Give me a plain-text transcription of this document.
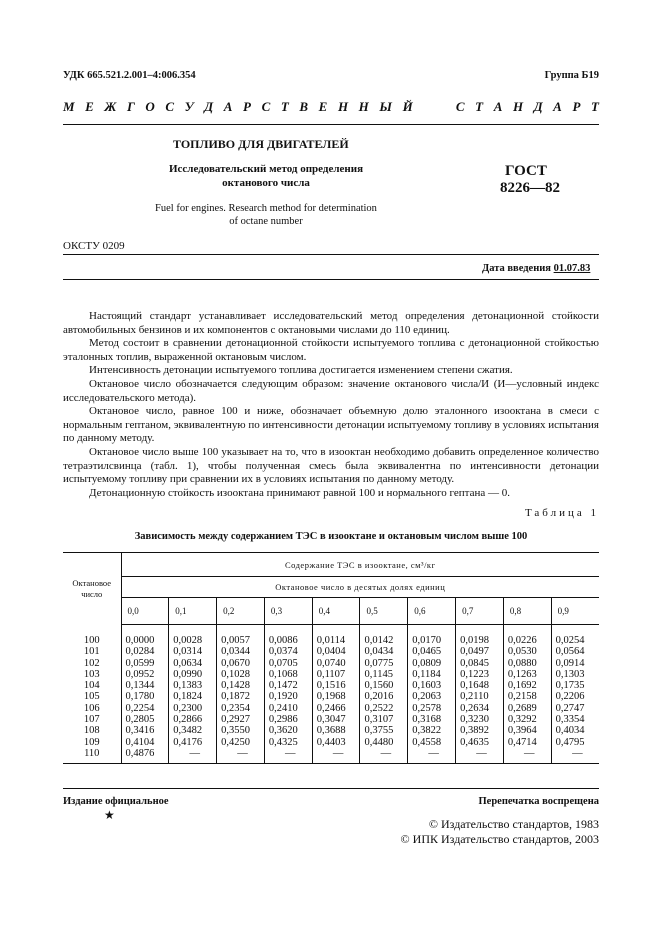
УДК 665.521.2.001–4:006.354	Группа Б19
М Е Ж Г О С У Д А Р С Т В Е Н Н Ы Й	С Т А Н Д А Р Т
ТОПЛИВО ДЛЯ ДВИГАТЕЛЕЙ
Исследовательский метод определения
октанового числа
ГОСТ
8226—82
Fuel for engines. Research method for determination
of octane number
ОКСТУ 0209
Дата введения 01.07.83

Настоящий стандарт устанавливает исследовательский метод определения детонационной стойкости автомобильных бензинов и их компонентов с октановыми числами до 110 единиц.

Метод состоит в сравнении детонационной стойкости испытуемого топлива с детонационной стойкостью эталонных топлив, выраженной октановым числом.

Интенсивность детонации испытуемого топлива достигается изменением степени сжатия.

Октановое число обозначается следующим образом: значение октанового числа/И (И—условный индекс исследовательского метода).

Октановое число, равное 100 и ниже, обозначает объемную долю эталонного изооктана в смеси с нормальным гептаном, эквивалентную по интенсивности детонации испытуемому топливу в условиях испытания по данному методу.

Октановое число выше 100 указывает на то, что в изооктан необходимо добавить определенное количество тетраэтилсвинца (табл. 1), чтобы полученная смесь была эквивалентна по интенсивности детонации испытуемому топливу при сравнении их в условиях испытания по данному методу.

Детонационную стойкость изооктана принимают равной 100 и нормального гептана — 0.

Таблица 1
Зависимость между содержанием ТЭС в изооктане и октановым числом выше 100
Октановое
число	Содержание ТЭС в изооктане, см³/кг									
	Октановое число в десятых долях единиц									
	0,0	0,1	0,2	0,3	0,4	0,5	0,6	0,7	0,8	0,9
100	0,0000	0,0028	0,0057	0,0086	0,0114	0,0142	0,0170	0,0198	0,0226	0,0254
101	0,0284	0,0314	0,0344	0,0374	0,0404	0,0434	0,0465	0,0497	0,0530	0,0564
102	0,0599	0,0634	0,0670	0,0705	0,0740	0,0775	0,0809	0,0845	0,0880	0,0914
103	0,0952	0,0990	0,1028	0,1068	0,1107	0,1145	0,1184	0,1223	0,1263	0,1303
104	0,1344	0,1383	0,1428	0,1472	0,1516	0,1560	0,1603	0,1648	0,1692	0,1735
105	0,1780	0,1824	0,1872	0,1920	0,1968	0,2016	0,2063	0,2110	0,2158	0,2206
106	0,2254	0,2300	0,2354	0,2410	0,2466	0,2522	0,2578	0,2634	0,2689	0,2747
107	0,2805	0,2866	0,2927	0,2986	0,3047	0,3107	0,3168	0,3230	0,3292	0,3354
108	0,3416	0,3482	0,3550	0,3620	0,3688	0,3755	0,3822	0,3892	0,3964	0,4034
109	0,4104	0,4176	0,4250	0,4325	0,4403	0,4480	0,4558	0,4635	0,4714	0,4795
110	0,4876	—	—	—	—	—	—	—	—	—
Издание официальное
★
Перепечатка воспрещена
© Издательство стандартов, 1983
© ИПК Издательство стандартов, 2003
